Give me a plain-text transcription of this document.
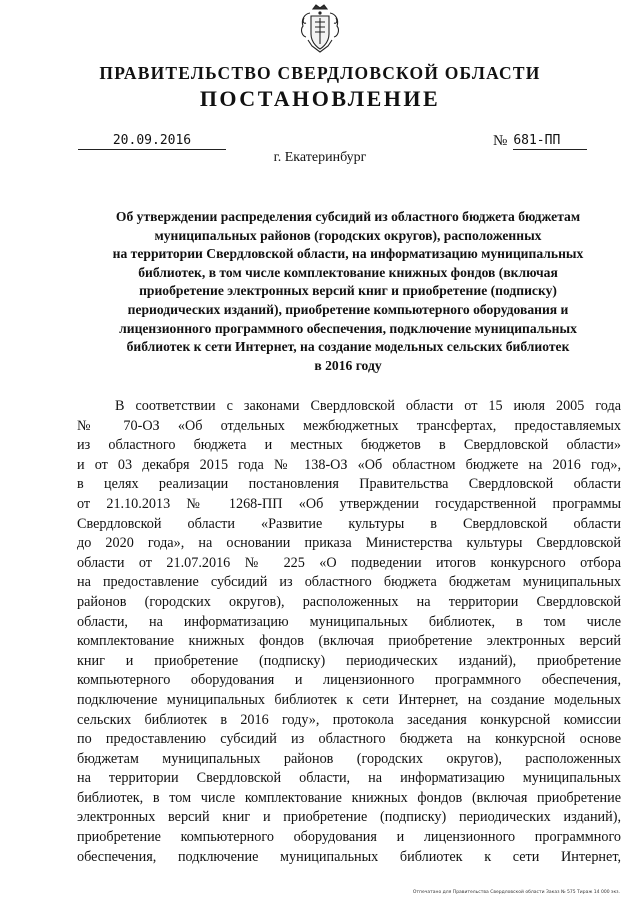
ПРАВИТЕЛЬСТВО СВЕРДЛОВСКОЙ ОБЛАСТИ
ПОСТАНОВЛЕНИЕ
20.09.2016	№ 681-ПП
г. Екатеринбург
Об утверждении распределения субсидий из областного бюджета бюджетам
муниципальных районов (городских округов), расположенных
на территории Свердловской области, на информатизацию муниципальных
библиотек, в том числе комплектование книжных фондов (включая
приобретение электронных версий книг и приобретение (подписку)
периодических изданий), приобретение компьютерного оборудования и
лицензионного программного обеспечения, подключение муниципальных
библиотек к сети Интернет, на создание модельных сельских библиотек
в 2016 году
В соответствии с законами Свердловской области от 15 июля 2005 года
№ 70-ОЗ «Об отдельных межбюджетных трансфертах, предоставляемых
из областного бюджета и местных бюджетов в Свердловской области»
и от 03 декабря 2015 года № 138-ОЗ «Об областном бюджете на 2016 год»,
в целях реализации постановления Правительства Свердловской области
от 21.10.2013 № 1268-ПП «Об утверждении государственной программы
Свердловской области «Развитие культуры в Свердловской области
до 2020 года», на основании приказа Министерства культуры Свердловской
области от 21.07.2016 № 225 «О подведении итогов конкурсного отбора
на предоставление субсидий из областного бюджета бюджетам муниципальных
районов (городских округов), расположенных на территории Свердловской
области, на информатизацию муниципальных библиотек, в том числе
комплектование книжных фондов (включая приобретение электронных версий
книг и приобретение (подписку) периодических изданий), приобретение
компьютерного оборудования и лицензионного программного обеспечения,
подключение муниципальных библиотек к сети Интернет, на создание модельных
сельских библиотек в 2016 году», протокола заседания конкурсной комиссии
по предоставлению субсидий из областного бюджета на конкурсной основе
бюджетам муниципальных районов (городских округов), расположенных
на территории Свердловской области, на информатизацию муниципальных
библиотек, в том числе комплектование книжных фондов (включая приобретение
электронных версий книг и приобретение (подписку) периодических изданий),
приобретение компьютерного оборудования и лицензионного программного
обеспечения, подключение муниципальных библиотек к сети Интернет,
Отпечатано для Правительства Свердловской области Заказ № 575 Тираж 14 000 экз.
